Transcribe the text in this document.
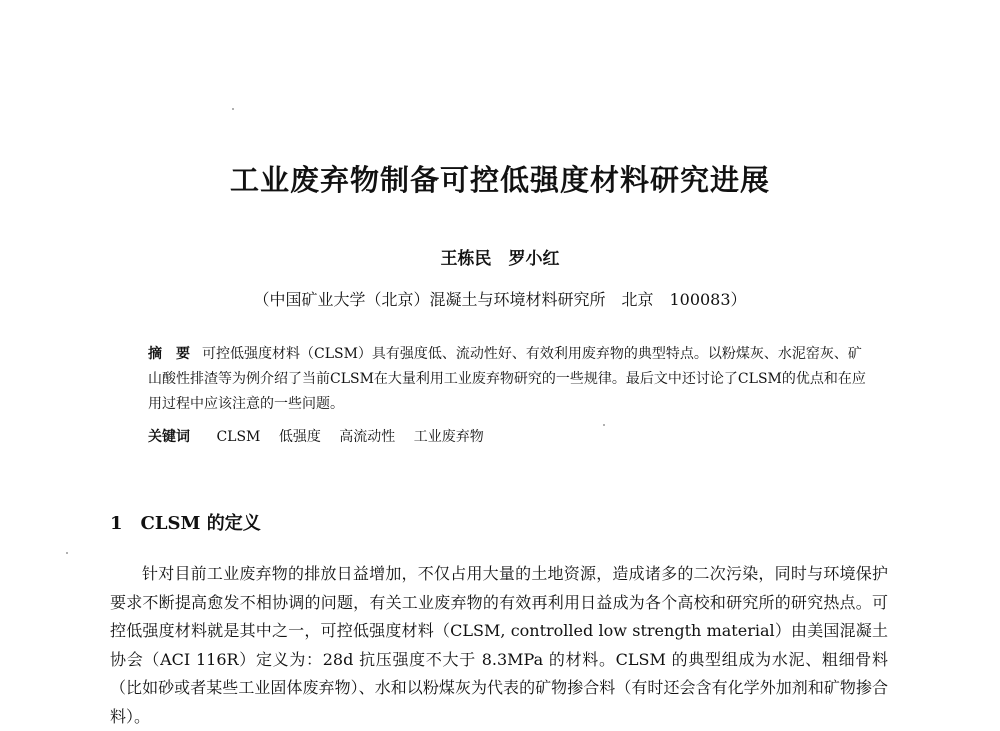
工业废弃物制备可控低强度材料研究进展
王栋民　罗小红
（中国矿业大学（北京）混凝土与环境材料研究所　北京　100083）
摘　要 可控低强度材料（CLSM）具有强度低、流动性好、有效利用废弃物的典型特点。以粉煤灰、水泥窑灰、矿山酸性排渣等为例介绍了当前CLSM在大量利用工业废弃物研究的一些规律。最后文中还讨论了CLSM的优点和在应用过程中应该注意的一些问题。
关键词 CLSM 低强度 高流动性 工业废弃物
1 CLSM 的定义
针对目前工业废弃物的排放日益增加，不仅占用大量的土地资源，造成诸多的二次污染，同时与环境保护要求不断提高愈发不相协调的问题，有关工业废弃物的有效再利用日益成为各个高校和研究所的研究热点。可控低强度材料就是其中之一，可控低强度材料（CLSM, controlled low strength material）由美国混凝土协会（ACI 116R）定义为：28d 抗压强度不大于 8.3MPa 的材料。CLSM 的典型组成为水泥、粗细骨料（比如砂或者某些工业固体废弃物）、水和以粉煤灰为代表的矿物掺合料（有时还会含有化学外加剂和矿物掺合料）。
